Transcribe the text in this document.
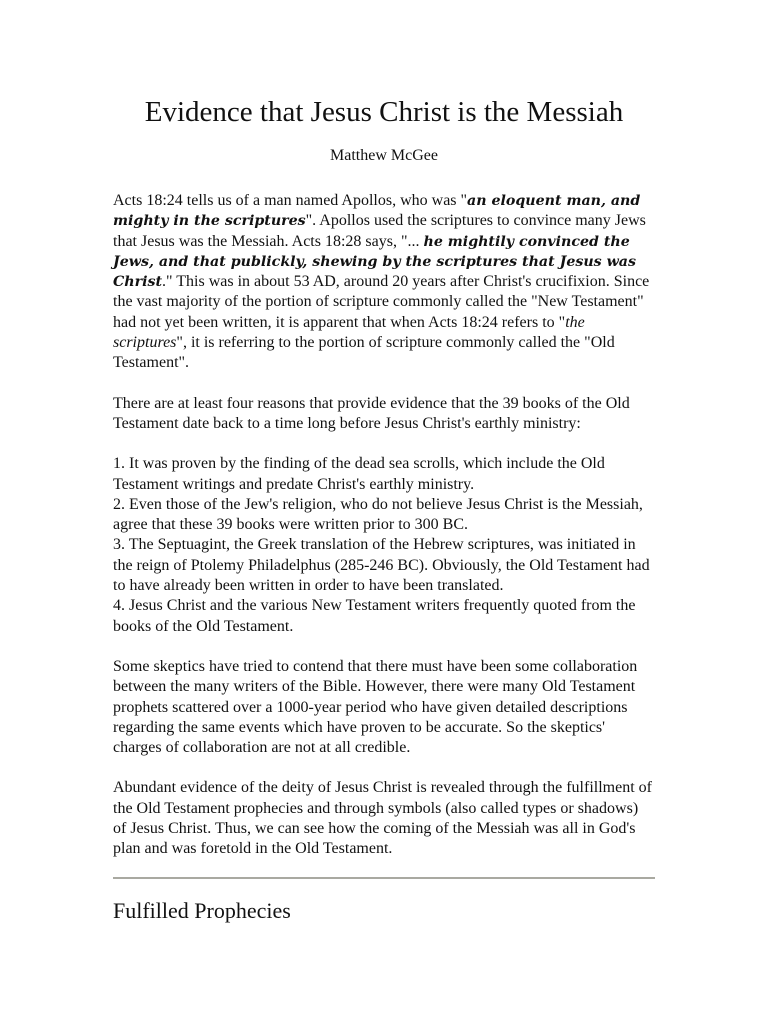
Evidence that Jesus Christ is the Messiah

Matthew McGee

Acts 18:24 tells us of a man named Apollos, who was "an eloquent man, and mighty in the scriptures". Apollos used the scriptures to convince many Jews that Jesus was the Messiah. Acts 18:28 says, "... he mightily convinced the Jews, and that publickly, shewing by the scriptures that Jesus was Christ." This was in about 53 AD, around 20 years after Christ's crucifixion. Since the vast majority of the portion of scripture commonly called the "New Testament" had not yet been written, it is apparent that when Acts 18:24 refers to "the scriptures", it is referring to the portion of scripture commonly called the "Old Testament".

There are at least four reasons that provide evidence that the 39 books of the Old Testament date back to a time long before Jesus Christ's earthly ministry:

1. It was proven by the finding of the dead sea scrolls, which include the Old Testament writings and predate Christ's earthly ministry.
2. Even those of the Jew's religion, who do not believe Jesus Christ is the Messiah, agree that these 39 books were written prior to 300 BC.
3. The Septuagint, the Greek translation of the Hebrew scriptures, was initiated in the reign of Ptolemy Philadelphus (285-246 BC). Obviously, the Old Testament had to have already been written in order to have been translated.
4. Jesus Christ and the various New Testament writers frequently quoted from the books of the Old Testament.

Some skeptics have tried to contend that there must have been some collaboration between the many writers of the Bible. However, there were many Old Testament prophets scattered over a 1000-year period who have given detailed descriptions regarding the same events which have proven to be accurate. So the skeptics' charges of collaboration are not at all credible.

Abundant evidence of the deity of Jesus Christ is revealed through the fulfillment of the Old Testament prophecies and through symbols (also called types or shadows) of Jesus Christ. Thus, we can see how the coming of the Messiah was all in God's plan and was foretold in the Old Testament.

Fulfilled Prophecies
